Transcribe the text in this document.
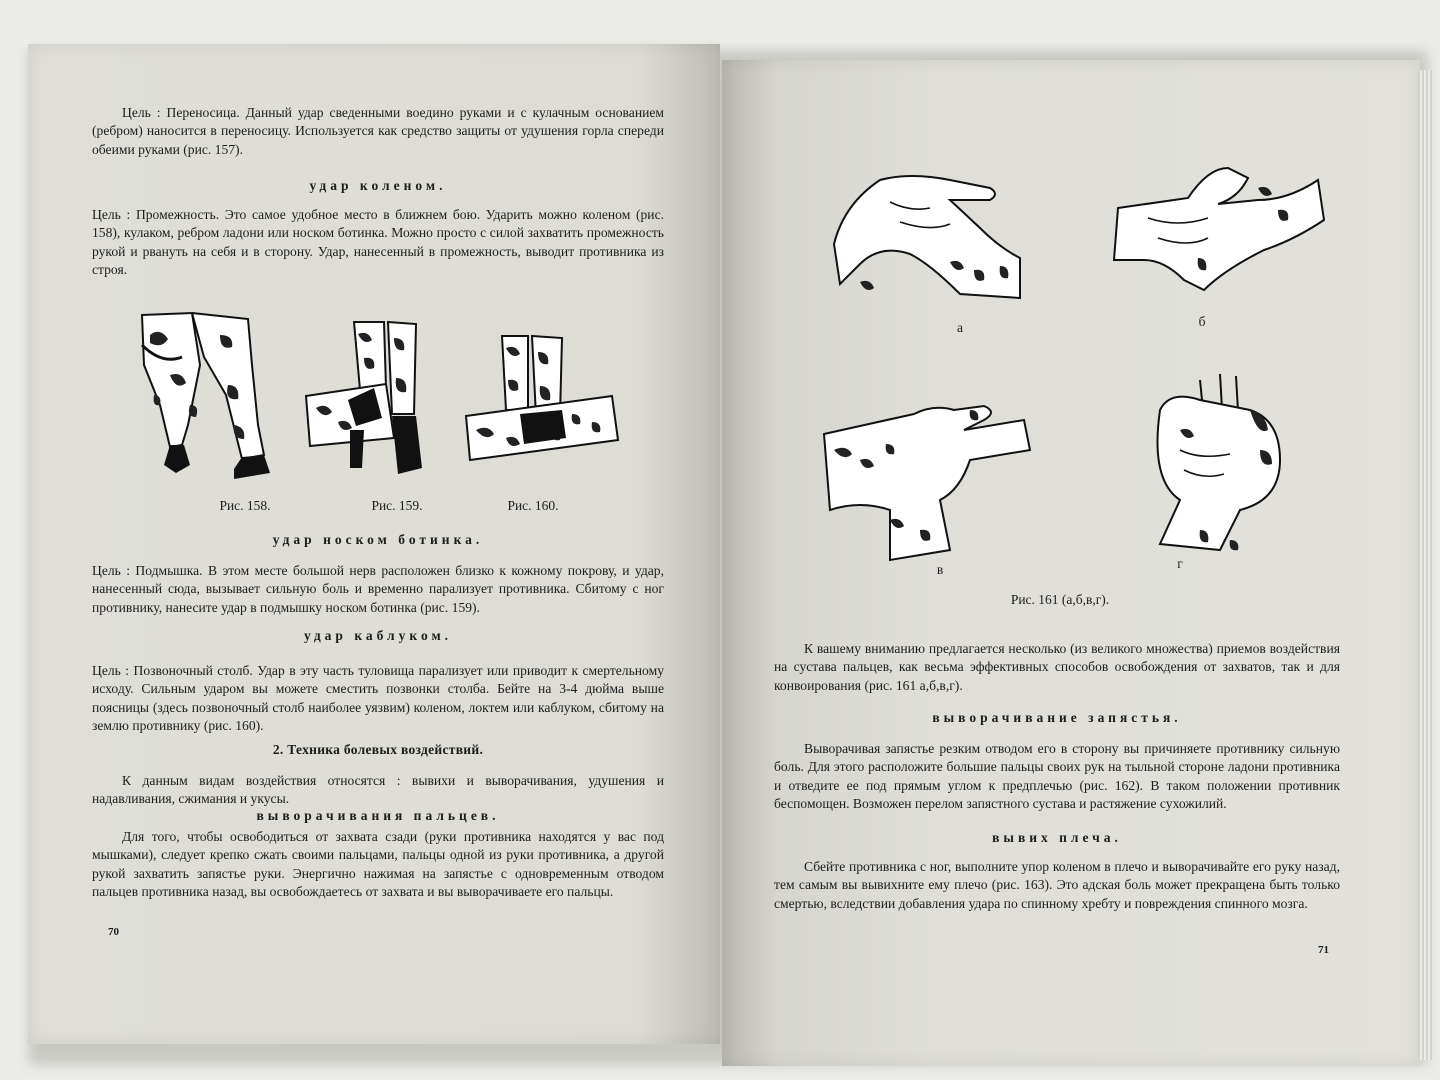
Цель : Переносица. Данный удар сведенными воедино руками и с кулачным основанием (ребром) наносится в переносицу. Используется как средство защиты от удушения горла спереди обеими руками (рис. 157).

удар коленом.

Цель : Промежность. Это самое удобное место в ближнем бою. Ударить можно коленом (рис. 158), кулаком, ребром ладони или носком ботинка. Можно просто с силой захватить промежность рукой и рвануть на себя и в сторону. Удар, нанесенный в промежность, выводит противника из строя.

Рис. 158.	Рис. 159.	Рис. 160.

удар носком ботинка.

Цель : Подмышка. В этом месте большой нерв расположен близко к кожному покрову, и удар, нанесенный сюда, вызывает сильную боль и временно парализует противника. Сбитому с ног противнику, нанесите удар в подмышку носком ботинка (рис. 159).

удар каблуком.

Цель : Позвоночный столб. Удар в эту часть туловища парализует или приводит к смертельному исходу. Сильным ударом вы можете сместить позвонки столба. Бейте на 3-4 дюйма выше поясницы (здесь позвоночный столб наиболее уязвим) коленом, локтем или каблуком, сбитому на землю противнику (рис. 160).

2. Техника болевых воздействий.

К данным видам воздействия относятся : вывихи и выворачивания, удушения и надавливания, сжимания и укусы.

выворачивания пальцев.

Для того, чтобы освободиться от захвата сзади (руки противника находятся у вас под мышками), следует крепко сжать своими пальцами, пальцы одной из руки противника, а другой рукой захватить запястье руки. Энергично нажимая на запястье с одновременным отводом пальцев противника назад, вы освобождаетесь от захвата и вы выворачиваете его пальцы.

70
а	б
в	г
Рис. 161 (а,б,в,г).

К вашему вниманию предлагается несколько (из великого множества) приемов воздействия на сустава пальцев, как весьма эффективных способов освобождения от захватов, так и для конвоирования (рис. 161 а,б,в,г).

выворачивание запястья.

Выворачивая запястье резким отводом его в сторону вы причиняете противнику сильную боль. Для этого расположите большие пальцы своих рук на тыльной стороне ладони противника и отведите ее под прямым углом к предплечью (рис. 162). В таком положении противник беспомощен. Возможен перелом запястного сустава и растяжение сухожилий.

вывих плеча.

Сбейте противника с ног, выполните упор коленом в плечо и выворачивайте его руку назад, тем самым вы вывихните ему плечо (рис. 163). Это адская боль может прекращена быть только смертью, вследствии добавления удара по спинному хребту и повреждения спинного мозга.

71
